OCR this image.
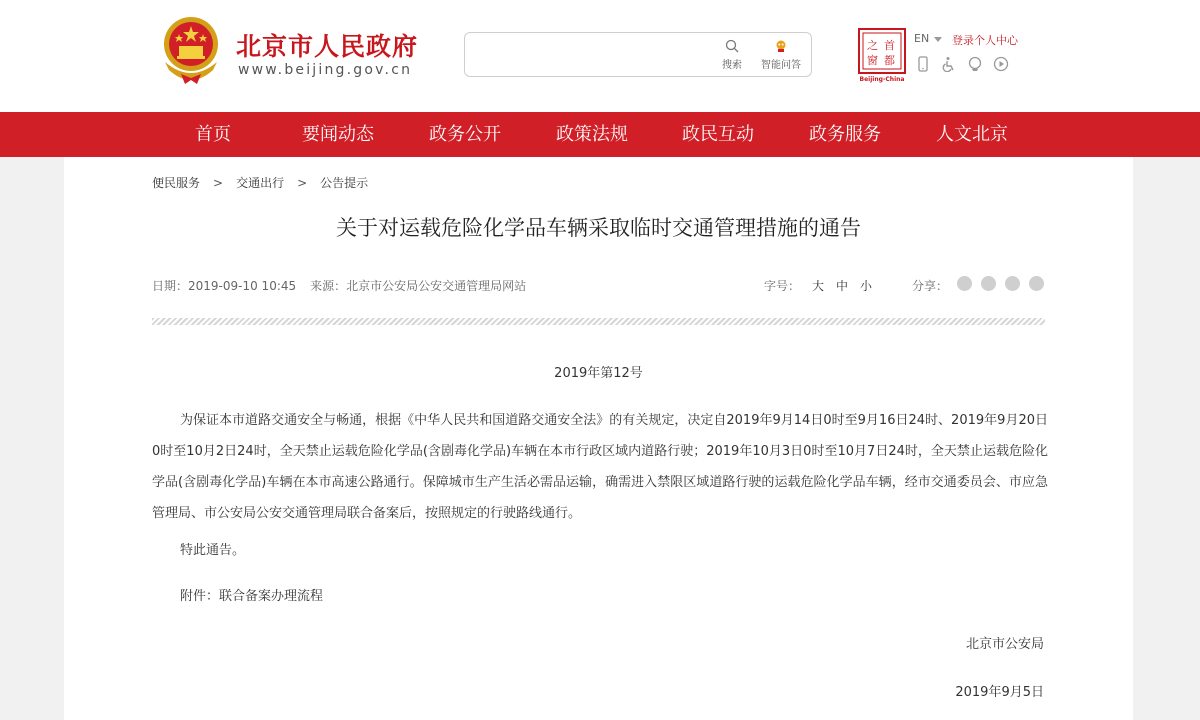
北京市人民政府
www.beijing.gov.cn	搜索	智能问答
首
都
之
窗
Beijing-China
EN	登录个人中心
首页	要闻动态	政务公开	政策法规	政民互动	政务服务	人文北京
便民服务 > 交通出行 > 公告提示
关于对运载危险化学品车辆采取临时交通管理措施的通告
日期：2019-09-10 10:45 来源：北京市公安局公安交通管理局网站	字号： 大 中 小	分享：
2019年第12号

为保证本市道路交通安全与畅通，根据《中华人民共和国道路交通安全法》的有关规定，决定自2019年9月14日0时至9月16日24时、2019年9月20日0时至10月2日24时，全天禁止运载危险化学品(含剧毒化学品)车辆在本市行政区域内道路行驶；2019年10月3日0时至10月7日24时，全天禁止运载危险化学品(含剧毒化学品)车辆在本市高速公路通行。保障城市生产生活必需品运输，确需进入禁限区域道路行驶的运载危险化学品车辆，经市交通委员会、市应急管理局、市公安局公安交通管理局联合备案后，按照规定的行驶路线通行。

特此通告。
附件：联合备案办理流程
北京市公安局
2019年9月5日
